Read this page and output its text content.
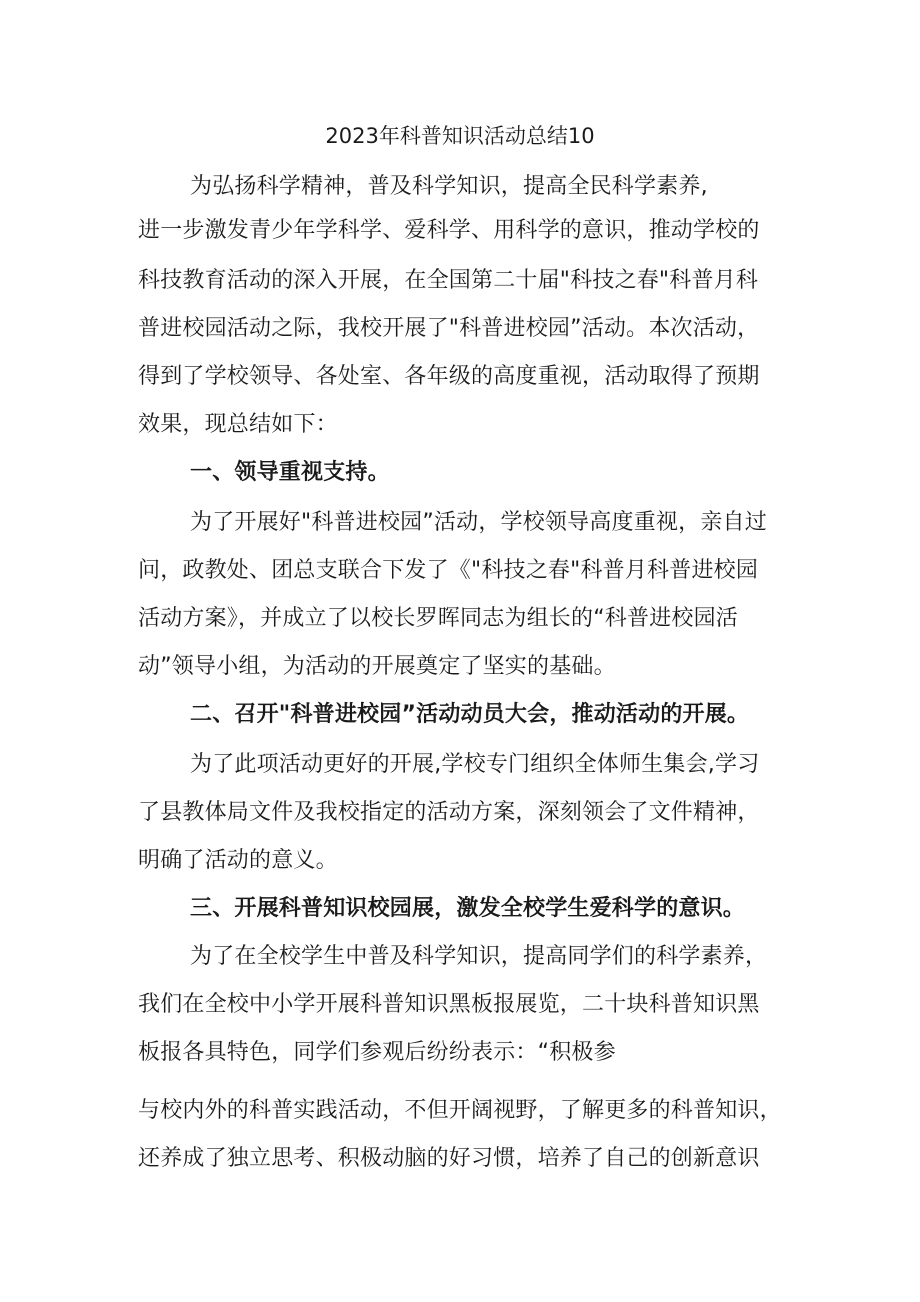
2023年科普知识活动总结10
为弘扬科学精神，普及科学知识，提高全民科学素养,
进一步激发青少年学科学、爱科学、用科学的意识，推动学校的
科技教育活动的深入开展，在全国第二十届"科技之春"科普月科
普进校园活动之际，我校开展了"科普进校园”活动。本次活动，
得到了学校领导、各处室、各年级的高度重视，活动取得了预期
效果，现总结如下：
一、领导重视支持。
为了开展好"科普进校园”活动，学校领导高度重视，亲自过
问，政教处、团总支联合下发了《"科技之春"科普月科普进校园
活动方案》，并成立了以校长罗晖同志为组长的“科普进校园活
动”领导小组，为活动的开展奠定了坚实的基础。
二、召开"科普进校园”活动动员大会，推动活动的开展。
为了此项活动更好的开展,学校专门组织全体师生集会,学习
了县教体局文件及我校指定的活动方案，深刻领会了文件精神，
明确了活动的意义。
三、开展科普知识校园展，激发全校学生爱科学的意识。
为了在全校学生中普及科学知识，提高同学们的科学素养，
我们在全校中小学开展科普知识黑板报展览，二十块科普知识黑
板报各具特色，同学们参观后纷纷表示：“积极参
与校内外的科普实践活动，不但开阔视野，了解更多的科普知识，
还养成了独立思考、积极动脑的好习惯，培养了自己的创新意识
